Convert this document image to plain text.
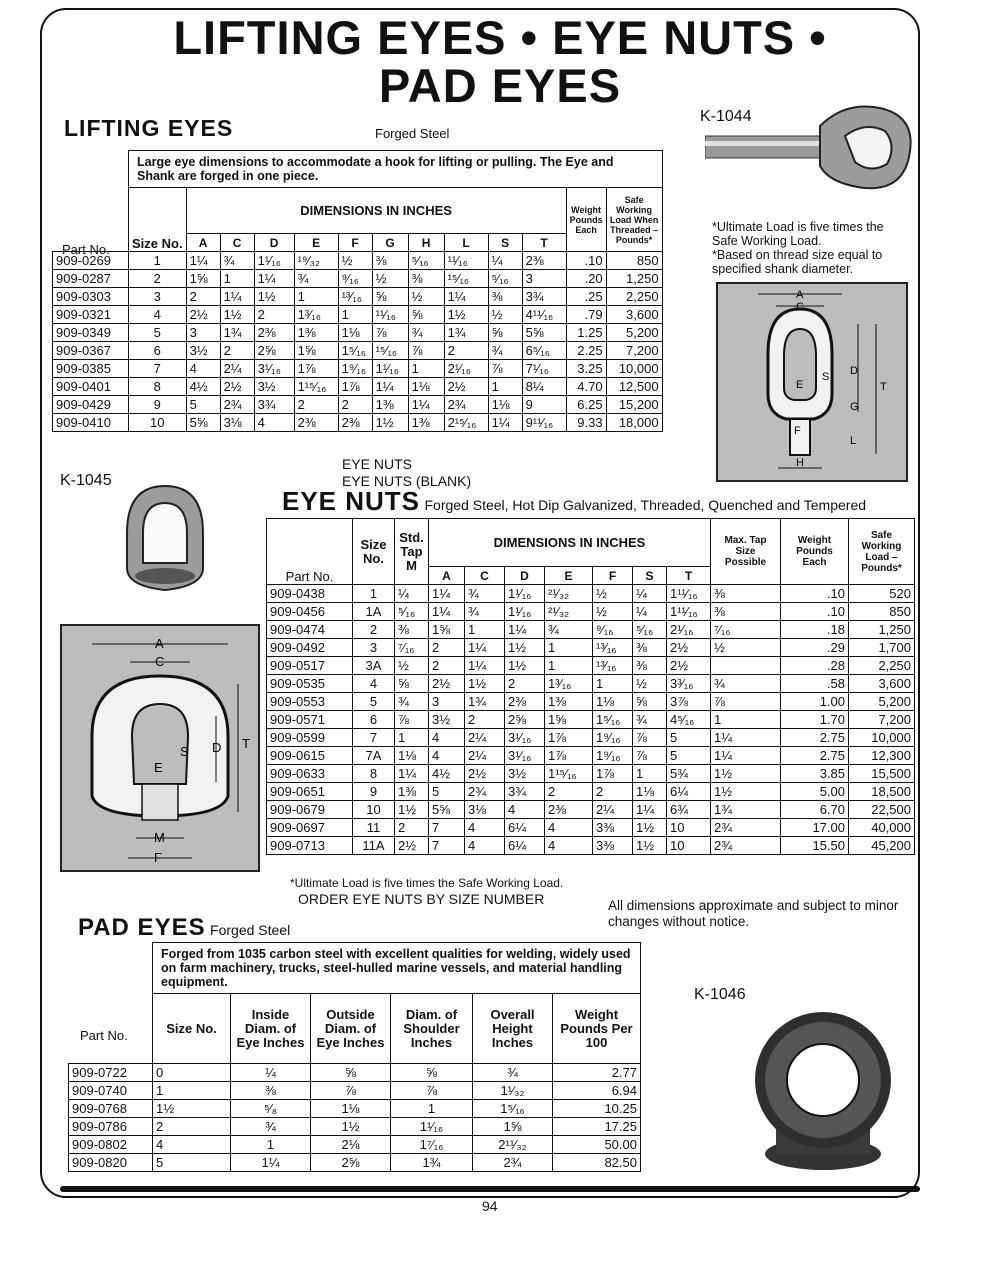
LIFTING EYES • EYE NUTS •
PAD EYES
LIFTING EYES	Forged Steel
K-1044
	Large eye dimensions to accommodate a hook for lifting or pulling. The Eye and Shank are forged in one piece.												
	Size No.	DIMENSIONS IN INCHES										Weight Pounds Each	Safe Working Load When Threaded – Pounds*
		A	C	D	E	F	G	H	L	S	T		
909-0269	1	1¼	¾	1¹⁄₁₆	¹⁹⁄₃₂	½	⅜	⁵⁄₁₆	¹¹⁄₁₆	¼	2⅜	.10	850
909-0287	2	1⅝	1	1¼	¾	⁹⁄₁₆	½	⅜	¹⁵⁄₁₆	⁵⁄₁₆	3	.20	1,250
909-0303	3	2	1¼	1½	1	¹³⁄₁₆	⅝	½	1¼	⅜	3¾	.25	2,250
909-0321	4	2½	1½	2	1³⁄₁₆	1	¹¹⁄₁₆	⅝	1½	½	4¹¹⁄₁₆	.79	3,600
909-0349	5	3	1¾	2⅜	1⅜	1⅛	⅞	¾	1¾	⅝	5⅝	1.25	5,200
909-0367	6	3½	2	2⅝	1⅝	1⁵⁄₁₆	¹⁵⁄₁₆	⅞	2	¾	6⁵⁄₁₆	2.25	7,200
909-0385	7	4	2¼	3¹⁄₁₆	1⅞	1⁹⁄₁₆	1¹⁄₁₆	1	2¹⁄₁₆	⅞	7¹⁄₁₆	3.25	10,000
909-0401	8	4½	2½	3½	1¹⁵⁄₁₆	1⅞	1¼	1⅛	2½	1	8¼	4.70	12,500
909-0429	9	5	2¾	3¾	2	2	1⅜	1¼	2¾	1⅛	9	6.25	15,200
909-0410	10	5⅝	3⅛	4	2⅜	2⅜	1½	1⅜	2¹⁵⁄₁₆	1¼	9¹¹⁄₁₆	9.33	18,000
Part No.
*Ultimate Load is five times the Safe Working Load.
*Based on thread size equal to specified shank diameter.
A
C
D
E
S
T
G
F
L
H
K-1045
EYE NUTS
EYE NUTS (BLANK)
EYE NUTS Forged Steel, Hot Dip Galvanized, Threaded, Quenched and Tempered
A
C
D T
S
E
M
F
Part No.	Size No.	Std. Tap M	DIMENSIONS IN INCHES							Max. Tap Size Possible	Weight Pounds Each	Safe Working Load – Pounds*
			A	C	D	E	F	S	T			
909-0438	1	¼	1¼	¾	1¹⁄₁₆	²¹⁄₃₂	½	¼	1¹¹⁄₁₆	⅜	.10	520
909-0456	1A	⁵⁄₁₆	1¼	¾	1¹⁄₁₆	²¹⁄₃₂	½	¼	1¹¹⁄₁₆	⅜	.10	850
909-0474	2	⅜	1⅝	1	1¼	¾	⁹⁄₁₆	⁵⁄₁₆	2¹⁄₁₆	⁷⁄₁₆	.18	1,250
909-0492	3	⁷⁄₁₆	2	1¼	1½	1	¹³⁄₁₆	⅜	2½	½	.29	1,700
909-0517	3A	½	2	1¼	1½	1	¹³⁄₁₆	⅜	2½		.28	2,250
909-0535	4	⅝	2½	1½	2	1³⁄₁₆	1	½	3³⁄₁₆	¾	.58	3,600
909-0553	5	¾	3	1¾	2⅜	1⅜	1⅛	⅝	3⅞	⅞	1.00	5,200
909-0571	6	⅞	3½	2	2⅝	1⅝	1⁵⁄₁₆	¾	4⁵⁄₁₆	1	1.70	7,200
909-0599	7	1	4	2¼	3¹⁄₁₆	1⅞	1⁹⁄₁₆	⅞	5	1¼	2.75	10,000
909-0615	7A	1⅛	4	2¼	3¹⁄₁₆	1⅞	1⁹⁄₁₆	⅞	5	1¼	2.75	12,300
909-0633	8	1¼	4½	2½	3½	1¹⁵⁄₁₆	1⅞	1	5¾	1½	3.85	15,500
909-0651	9	1⅜	5	2¾	3¾	2	2	1⅛	6¼	1½	5.00	18,500
909-0679	10	1½	5⅝	3⅛	4	2⅜	2¼	1¼	6¾	1¾	6.70	22,500
909-0697	11	2	7	4	6¼	4	3⅜	1½	10	2¾	17.00	40,000
909-0713	11A	2½	7	4	6¼	4	3⅜	1½	10	2¾	15.50	45,200
*Ultimate Load is five times the Safe Working Load.
ORDER EYE NUTS BY SIZE NUMBER	All dimensions approximate and subject to minor changes without notice.
PAD EYES Forged Steel
K-1046
	Forged from 1035 carbon steel with excellent qualities for welding, widely used on farm machinery, trucks, steel-hulled marine vessels, and material handling equipment.					
	Size No.	Inside Diam. of Eye Inches	Outside Diam. of Eye Inches	Diam. of Shoulder Inches	Overall Height Inches	Weight Pounds Per 100
909-0722	0	¼	⅝	⅝	¾	2.77
909-0740	1	⅜	⅞	⅞	1¹⁄₃₂	6.94
909-0768	1½	⁵⁄₈	1⅛	1	1⁵⁄₁₆	10.25
909-0786	2	¾	1½	1¹⁄₁₆	1⅝	17.25
909-0802	4	1	2⅛	1⁷⁄₁₆	2¹¹⁄₃₂	50.00
909-0820	5	1¼	2⅝	1¾	2¾	82.50
Part No.
94
